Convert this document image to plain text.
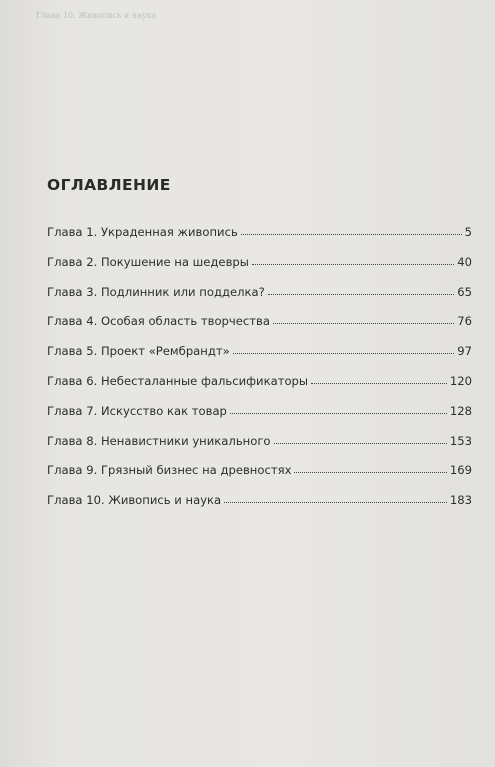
Глава 10. Живопись и наука
ОГЛАВЛЕНИЕ
Глава 1. Украденная живопись	5
Глава 2. Покушение на шедевры	40
Глава 3. Подлинник или подделка?	65
Глава 4. Особая область творчества	76
Глава 5. Проект «Рембрандт»	97
Глава 6. Небесталанные фальсификаторы	120
Глава 7. Искусство как товар	128
Глава 8. Ненавистники уникального	153
Глава 9. Грязный бизнес на древностях	169
Глава 10. Живопись и наука	183
